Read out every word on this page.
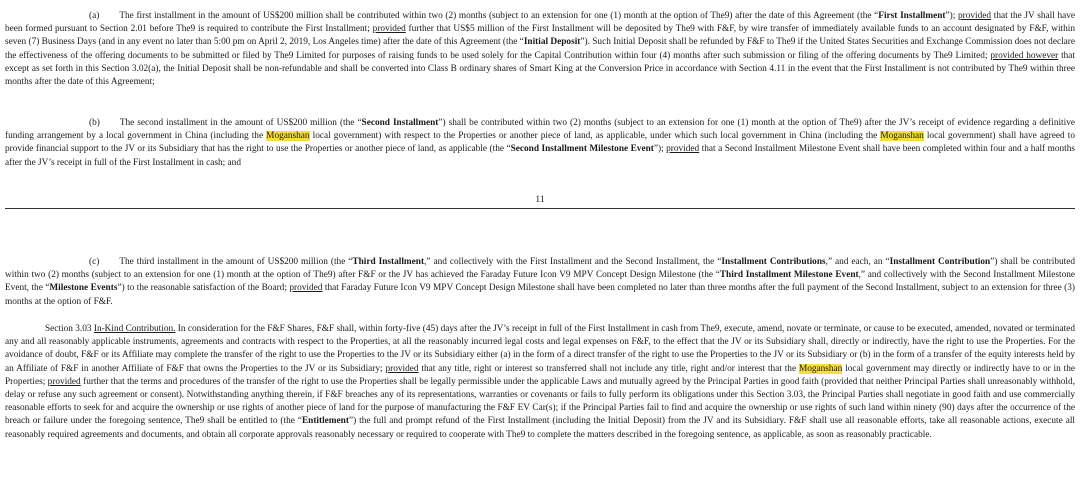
(a) The first installment in the amount of US$200 million shall be contributed within two (2) months (subject to an extension for one (1) month at the option of The9) after the date of this Agreement (the “First Installment”); provided that the JV shall have been formed pursuant to Section 2.01 before The9 is required to contribute the First Installment; provided further that US$5 million of the First Installment will be deposited by The9 with F&F, by wire transfer of immediately available funds to an account designated by F&F, within seven (7) Business Days (and in any event no later than 5:00 pm on April 2, 2019, Los Angeles time) after the date of this Agreement (the “Initial Deposit”). Such Initial Deposit shall be refunded by F&F to The9 if the United States Securities and Exchange Commission does not declare the effectiveness of the offering documents to be submitted or filed by The9 Limited for purposes of raising funds to be used solely for the Capital Contribution within four (4) months after such submission or filing of the offering documents by The9 Limited; provided however that except as set forth in this Section 3.02(a), the Initial Deposit shall be non-refundable and shall be converted into Class B ordinary shares of Smart King at the Conversion Price in accordance with Section 4.11 in the event that the First Installment is not contributed by The9 within three months after the date of this Agreement;

(b) The second installment in the amount of US$200 million (the “Second Installment”) shall be contributed within two (2) months (subject to an extension for one (1) month at the option of The9) after the JV’s receipt of evidence regarding a definitive funding arrangement by a local government in China (including the Moganshan local government) with respect to the Properties or another piece of land, as applicable, under which such local government in China (including the Moganshan local government) shall have agreed to provide financial support to the JV or its Subsidiary that has the right to use the Properties or another piece of land, as applicable (the “Second Installment Milestone Event”); provided that a Second Installment Milestone Event shall have been completed within four and a half months after the JV’s receipt in full of the First Installment in cash; and

11

(c) The third installment in the amount of US$200 million (the “Third Installment,” and collectively with the First Installment and the Second Installment, the “Installment Contributions,” and each, an “Installment Contribution”) shall be contributed within two (2) months (subject to an extension for one (1) month at the option of The9) after F&F or the JV has achieved the Faraday Future Icon V9 MPV Concept Design Milestone (the “Third Installment Milestone Event,” and collectively with the Second Installment Milestone Event, the “Milestone Events”) to the reasonable satisfaction of the Board; provided that Faraday Future Icon V9 MPV Concept Design Milestone shall have been completed no later than three months after the full payment of the Second Installment, subject to an extension for three (3) months at the option of F&F.

Section 3.03 In-Kind Contribution. In consideration for the F&F Shares, F&F shall, within forty-five (45) days after the JV’s receipt in full of the First Installment in cash from The9, execute, amend, novate or terminate, or cause to be executed, amended, novated or terminated any and all reasonably applicable instruments, agreements and contracts with respect to the Properties, at all the reasonably incurred legal costs and legal expenses on F&F, to the effect that the JV or its Subsidiary shall, directly or indirectly, have the right to use the Properties. For the avoidance of doubt, F&F or its Affiliate may complete the transfer of the right to use the Properties to the JV or its Subsidiary either (a) in the form of a direct transfer of the right to use the Properties to the JV or its Subsidiary or (b) in the form of a transfer of the equity interests held by an Affiliate of F&F in another Affiliate of F&F that owns the Properties to the JV or its Subsidiary; provided that any title, right or interest so transferred shall not include any title, right and/or interest that the Moganshan local government may directly or indirectly have to or in the Properties; provided further that the terms and procedures of the transfer of the right to use the Properties shall be legally permissible under the applicable Laws and mutually agreed by the Principal Parties in good faith (provided that neither Principal Parties shall unreasonably withhold, delay or refuse any such agreement or consent). Notwithstanding anything therein, if F&F breaches any of its representations, warranties or covenants or fails to fully perform its obligations under this Section 3.03, the Principal Parties shall negotiate in good faith and use commercially reasonable efforts to seek for and acquire the ownership or use rights of another piece of land for the purpose of manufacturing the F&F EV Car(s); if the Principal Parties fail to find and acquire the ownership or use rights of such land within ninety (90) days after the occurrence of the breach or failure under the foregoing sentence, The9 shall be entitled to (the “Entitlement”) the full and prompt refund of the First Installment (including the Initial Deposit) from the JV and its Subsidiary. F&F shall use all reasonable efforts, take all reasonable actions, execute all reasonably required agreements and documents, and obtain all corporate approvals reasonably necessary or required to cooperate with The9 to complete the matters described in the foregoing sentence, as applicable, as soon as reasonably practicable.
